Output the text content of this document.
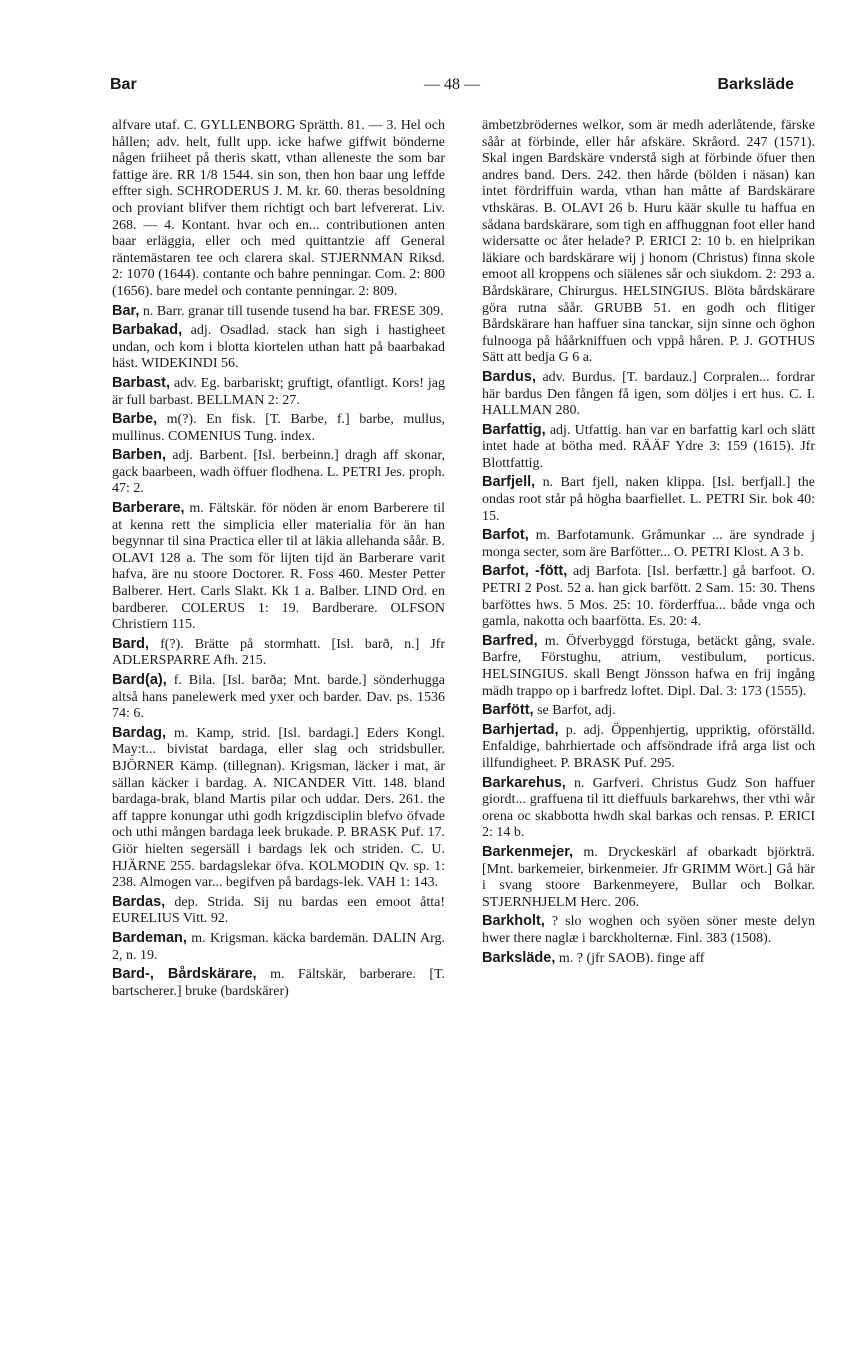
Bar	— 48 —	Barksläde

alfvare utaf. C. GYLLENBORG Sprätth. 81. — 3. Hel och hållen; adv. helt, fullt upp. icke hafwe giffwit bönderne någen friiheet på theris skatt, vthan alleneste the som bar fattige äre. RR 1/8 1544. sin son, then hon baar ung leffde effter sigh. SCHRODERUS J. M. kr. 60. theras besoldning och proviant blifver them richtigt och bart lefvererat. Liv. 268. — 4. Kontant. hvar och en... contributionen anten baar erläggia, eller och med quittantzie aff General räntemästaren tee och clarera skal. STJERNMAN Riksd. 2: 1070 (1644). contante och bahre penningar. Com. 2: 800 (1656). bare medel och contante penningar. 2: 809.

Bar, n. Barr. granar till tusende tusend ha bar. FRESE 309.

Barbakad, adj. Osadlad. stack han sigh i hastigheet undan, och kom i blotta kiortelen uthan hatt på baarbakad häst. WIDEKINDI 56.

Barbast, adv. Eg. barbariskt; gruftigt, ofantligt. Kors! jag är full barbast. BELLMAN 2: 27.

Barbe, m(?). En fisk. [T. Barbe, f.] barbe, mullus, mullinus. COMENIUS Tung. index.

Barben, adj. Barbent. [Isl. berbeinn.] dragh aff skonar, gack baarbeen, wadh öffuer flodhena. L. PETRI Jes. proph. 47: 2.

Barberare, m. Fältskär. för nöden är enom Barberere til at kenna rett the simplicia eller materialia för än han begynnar til sina Practica eller til at läkia allehanda såår. B. OLAVI 128 a. The som för lijten tijd än Barberare varit hafva, äre nu stoore Doctorer. R. Foss 460. Mester Petter Balberer. Hert. Carls Slakt. Kk 1 a. Balber. LIND Ord. en bardberer. COLERUS 1: 19. Bardberare. OLFSON Christiern 115.

Bard, f(?). Brätte på stormhatt. [Isl. barð, n.] Jfr ADLERSPARRE Afh. 215.

Bard(a), f. Bila. [Isl. barða; Mnt. barde.] sönderhugga altså hans panelewerk med yxer och barder. Dav. ps. 1536 74: 6.

Bardag, m. Kamp, strid. [Isl. bardagi.] Eders Kongl. May:t... bivistat bardaga, eller slag och stridsbuller. BJÖRNER Kämp. (tillegnan). Krigsman, läcker i mat, är sällan käcker i bardag. A. NICANDER Vitt. 148. bland bardaga-brak, bland Martis pilar och uddar. Ders. 261. the aff tappre konungar uthi godh krigzdisciplin blefvo öfvade och uthi mången bardaga leek brukade. P. BRASK Puf. 17. Giör hielten segersäll i bardags lek och striden. C. U. HJÄRNE 255. bardagslekar öfva. KOLMODIN Qv. sp. 1: 238. Almogen var... begifven på bardags-lek. VAH 1: 143.

Bardas, dep. Strida. Sij nu bardas een emoot åtta! EURELIUS Vitt. 92.

Bardeman, m. Krigsman. käcka bardemän. DALIN Arg. 2, n. 19.

Bard-, Bårdskärare, m. Fältskär, barberare. [T. bartscherer.] bruke (bardskärer)

ämbetzbrödernes welkor, som är medh aderlåtende, färske såår at förbinde, eller hår afskäre. Skråord. 247 (1571). Skal ingen Bardskäre vnderstå sigh at förbinde öfuer then andres band. Ders. 242. then hårde (bölden i näsan) kan intet fördriffuin warda, vthan han måtte af Bardskärare vthskäras. B. OLAVI 26 b. Huru käär skulle tu haffua en sådana bardskärare, som tigh en affhuggnan foot eller hand widersatte oc åter helade? P. ERICI 2: 10 b. en hielprikan läkiare och bardskärare wij j honom (Christus) finna skole emoot all kroppens och siälenes sår och siukdom. 2: 293 a. Bårdskärare, Chirurgus. HELSINGIUS. Blöta bårdskärare göra rutna såår. GRUBB 51. en godh och flitiger Bårdskärare han haffuer sina tanckar, sijn sinne och öghon fulnooga på håårkniffuen och vppå håren. P. J. GOTHUS Sätt att bedja G 6 a.

Bardus, adv. Burdus. [T. bardauz.] Corpralen... fordrar här bardus Den fången få igen, som döljes i ert hus. C. I. HALLMAN 280.

Barfattig, adj. Utfattig. han var en barfattig karl och slätt intet hade at bötha med. RÄÄF Ydre 3: 159 (1615). Jfr Blottfattig.

Barfjell, n. Bart fjell, naken klippa. [Isl. berfjall.] the ondas root står på högha baarfiellet. L. PETRI Sir. bok 40: 15.

Barfot, m. Barfotamunk. Gråmunkar ... äre syndrade j monga secter, som äre Barfötter... O. PETRI Klost. A 3 b.

Barfot, -fött, adj Barfota. [Isl. berfættr.] gå barfoot. O. PETRI 2 Post. 52 a. han gick barfött. 2 Sam. 15: 30. Thens barföttes hws. 5 Mos. 25: 10. förderffua... både vnga och gamla, nakotta och baarfötta. Es. 20: 4.

Barfred, m. Öfverbyggd förstuga, betäckt gång, svale. Barfre, Förstughu, atrium, vestibulum, porticus. HELSINGIUS. skall Bengt Jönsson hafwa en frij ingång mädh trappo op i barfredz loftet. Dipl. Dal. 3: 173 (1555).

Barfött, se Barfot, adj.

Barhjertad, p. adj. Öppenhjertig, uppriktig, oförställd. Enfaldige, bahrhiertade och affsöndrade ifrå arga list och illfundigheet. P. BRASK Puf. 295.

Barkarehus, n. Garfveri. Christus Gudz Son haffuer giordt... graffuena til itt dieffuuls barkarehws, ther vthi wår orena oc skabbotta hwdh skal barkas och rensas. P. ERICI 2: 14 b.

Barkenmejer, m. Dryckeskärl af obarkadt björkträ. [Mnt. barkemeier, birkenmeier. Jfr GRIMM Wört.] Gå här i svang stoore Barkenmeyere, Bullar och Bolkar. STJERNHJELM Herc. 206.

Barkholt, ? slo woghen och syöen söner meste delyn hwer there naglæ i barckholternæ. Finl. 383 (1508).

Barksläde, m. ? (jfr SAOB). finge aff
